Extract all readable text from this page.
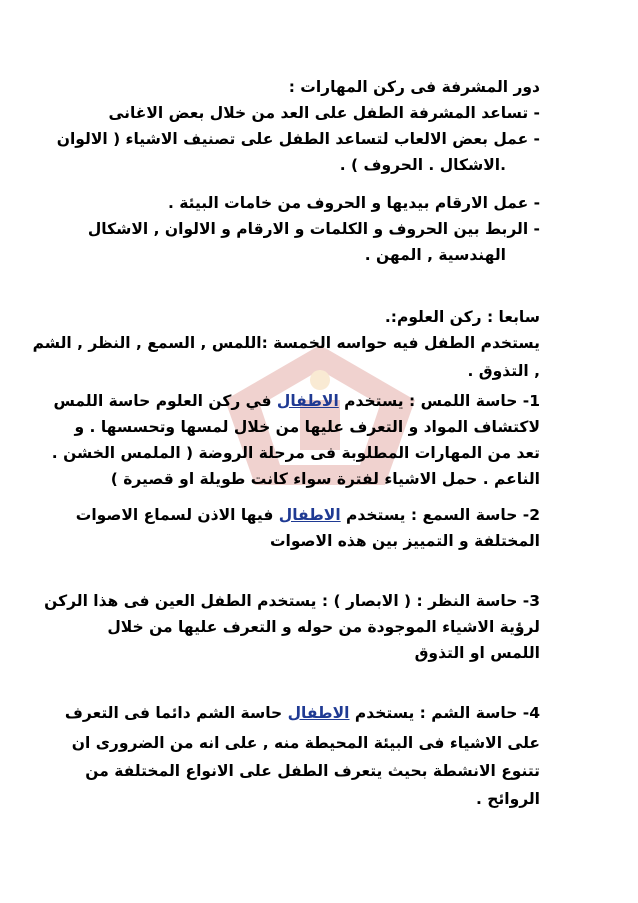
دور المشرفة فى ركن المهارات :
- تساعد المشرفة الطفل على العد من خلال بعض الاغانى
- عمل بعض الالعاب لتساعد الطفل على تصنيف الاشياء ( الالوان
.الاشكال . الحروف ) .
- عمل الارقام بيديها و الحروف من خامات البيئة .
- الربط بين الحروف و الكلمات و الارقام و الالوان , الاشكال
الهندسية , المهن .
سابعا : ركن العلوم:.
يستخدم الطفل فيه حواسه الخمسة :اللمس , السمع , النظر , الشم
, التذوق .
1- حاسة اللمس : يستخدم الاطفال في ركن العلوم حاسة اللمس
لاكتشاف المواد و التعرف عليها من خلال لمسها وتحسسها . و
تعد من المهارات المطلوبة فى مرحلة الروضة ( الملمس الخشن .
الناعم . حمل الاشياء لفترة سواء كانت طويلة او قصيرة )
2- حاسة السمع : يستخدم الاطفال فيها الاذن لسماع الاصوات
المختلفة و التمييز بين هذه الاصوات
3- حاسة النظر : ( الابصار ) : يستخدم الطفل العين فى هذا الركن
لرؤية الاشياء الموجودة من حوله و التعرف عليها من خلال
اللمس او التذوق
4- حاسة الشم : يستخدم الاطفال حاسة الشم دائما فى التعرف
على الاشياء فى البيئة المحيطة منه , على انه من الضرورى ان
تتنوع الانشطة بحيث يتعرف الطفل على الانواع المختلفة من
الروائح .
